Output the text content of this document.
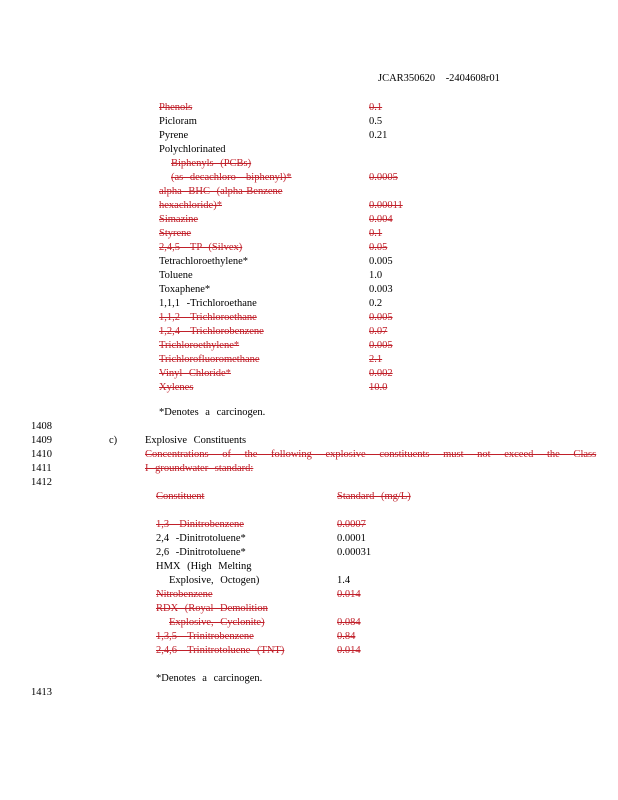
JCAR350620 -2404608r01
Phenols	0.1
Picloram	0.5
Pyrene	0.21
Polychlorinated
Biphenyls (PCBs)
(as decachloro- biphenyl)*	0.0005
alpha BHC (alpha-Benzene
hexachloride)*	0.00011
Simazine	0.004
Styrene	0.1
2,4,5- TP (Silvex)	0.05
Tetrachloroethylene*	0.005
Toluene	1.0
Toxaphene*	0.003
1,1,1 -Trichloroethane	0.2
1,1,2 -Trichloroethane	0.005
1,2,4 -Trichlorobenzene	0.07
Trichloroethylene*	0.005
Trichlorofluoromethane	2.1
Vinyl Chloride*	0.002
Xylenes	10.0
*Denotes a carcinogen.
1408
1409
1410
1411
1412
1413
c)	Explosive Constituents
Concentrations of the following explosive constituents must not exceed the Class
I groundwater standard:
Constituent	Standard (mg/L)
1,3 -Dinitrobenzene	0.0007
2,4 -Dinitrotoluene*	0.0001
2,6 -Dinitrotoluene*	0.00031
HMX (High Melting
Explosive, Octogen)	1.4
Nitrobenzene	0.014
RDX (Royal Demolition
Explosive, Cyclonite)	0.084
1,3,5 -Trinitrobenzene	0.84
2,4,6 -Trinitrotoluene (TNT)	0.014
*Denotes a carcinogen.
